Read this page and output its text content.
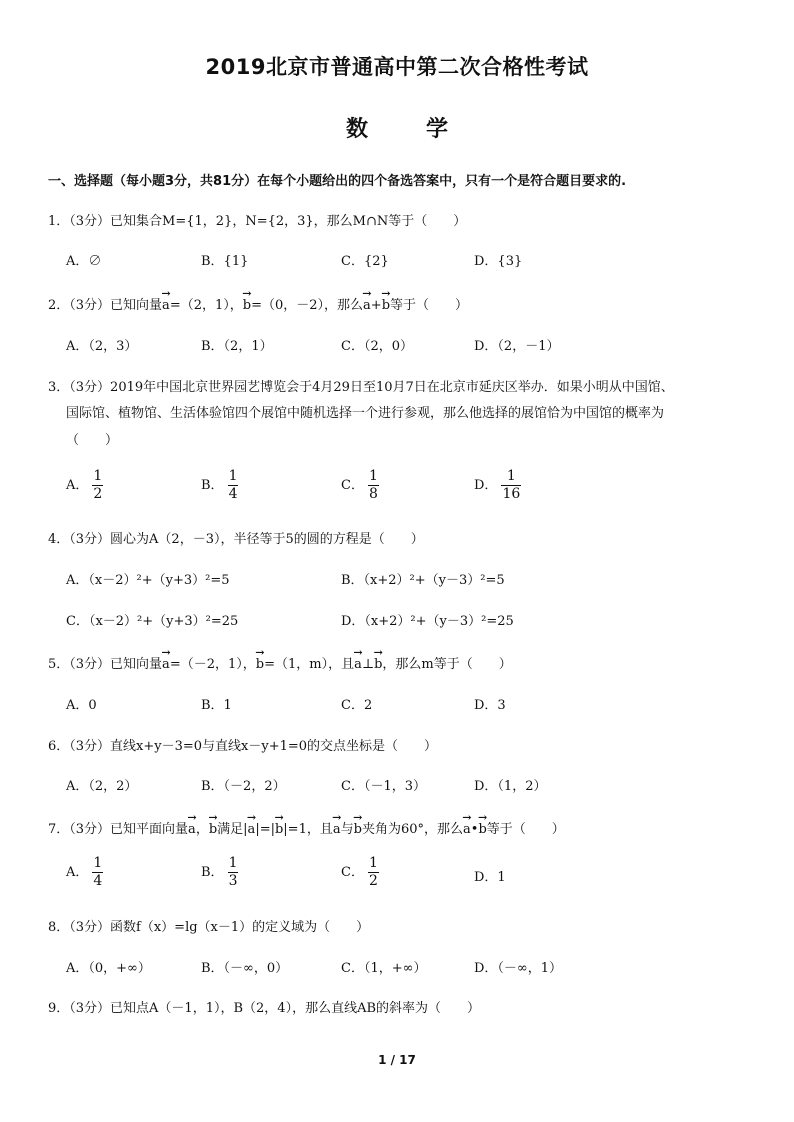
2019北京市普通高中第二次合格性考试
数	学
一、选择题（每小题3分，共81分）在每个小题给出的四个备选答案中，只有一个是符合题目要求的.
1．（3分）已知集合M={1，2}，N={2，3}，那么M∩N等于（　　）
A．∅	B．{1}	C．{2}	D．{3}
2．（3分）已知向量→ a=（2，1），→ b=（0，－2），那么→ a+→ b等于（　　）
A．（2，3）	B．（2，1）	C．（2，0）	D．（2，－1）
3．（3分）2019年中国北京世界园艺博览会于4月29日至10月7日在北京市延庆区举办．如果小明从中国馆、
国际馆、植物馆、生活体验馆四个展馆中随机选择一个进行参观，那么他选择的展馆恰为中国馆的概率为
（　　）
A． $\frac{1}{2}$	B． $\frac{1}{4}$	C． $\frac{1}{8}$	D． $\frac{1}{16}$
4．（3分）圆心为A（2，－3），半径等于5的圆的方程是（　　）
A．（x－2）²+（y+3）²=5	B．（x+2）²+（y－3）²=5
C．（x－2）²+（y+3）²=25	D．（x+2）²+（y－3）²=25
5．（3分）已知向量→ a=（－2，1），→ b=（1，m），且→ a⊥→ b，那么m等于（　　）
A．0	B．1	C．2	D．3
6．（3分）直线x+y－3=0与直线x－y+1=0的交点坐标是（　　）
A．（2，2）	B．（－2，2）	C．（－1，3）	D．（1，2）
7．（3分）已知平面向量→ a，→ b满足|→ a|=|→ b|=1，且→ a与→ b夹角为60°，那么→ a•→ b等于（　　）
A． $\frac{1}{4}$	B． $\frac{1}{3}$	C． $\frac{1}{2}$	D．1
8．（3分）函数f（x）=lg（x－1）的定义域为（　　）
A．（0，+∞）	B．（－∞，0）	C．（1，+∞）	D．（－∞，1）
9．（3分）已知点A（－1，1），B（2，4），那么直线AB的斜率为（　　）
1 / 17
